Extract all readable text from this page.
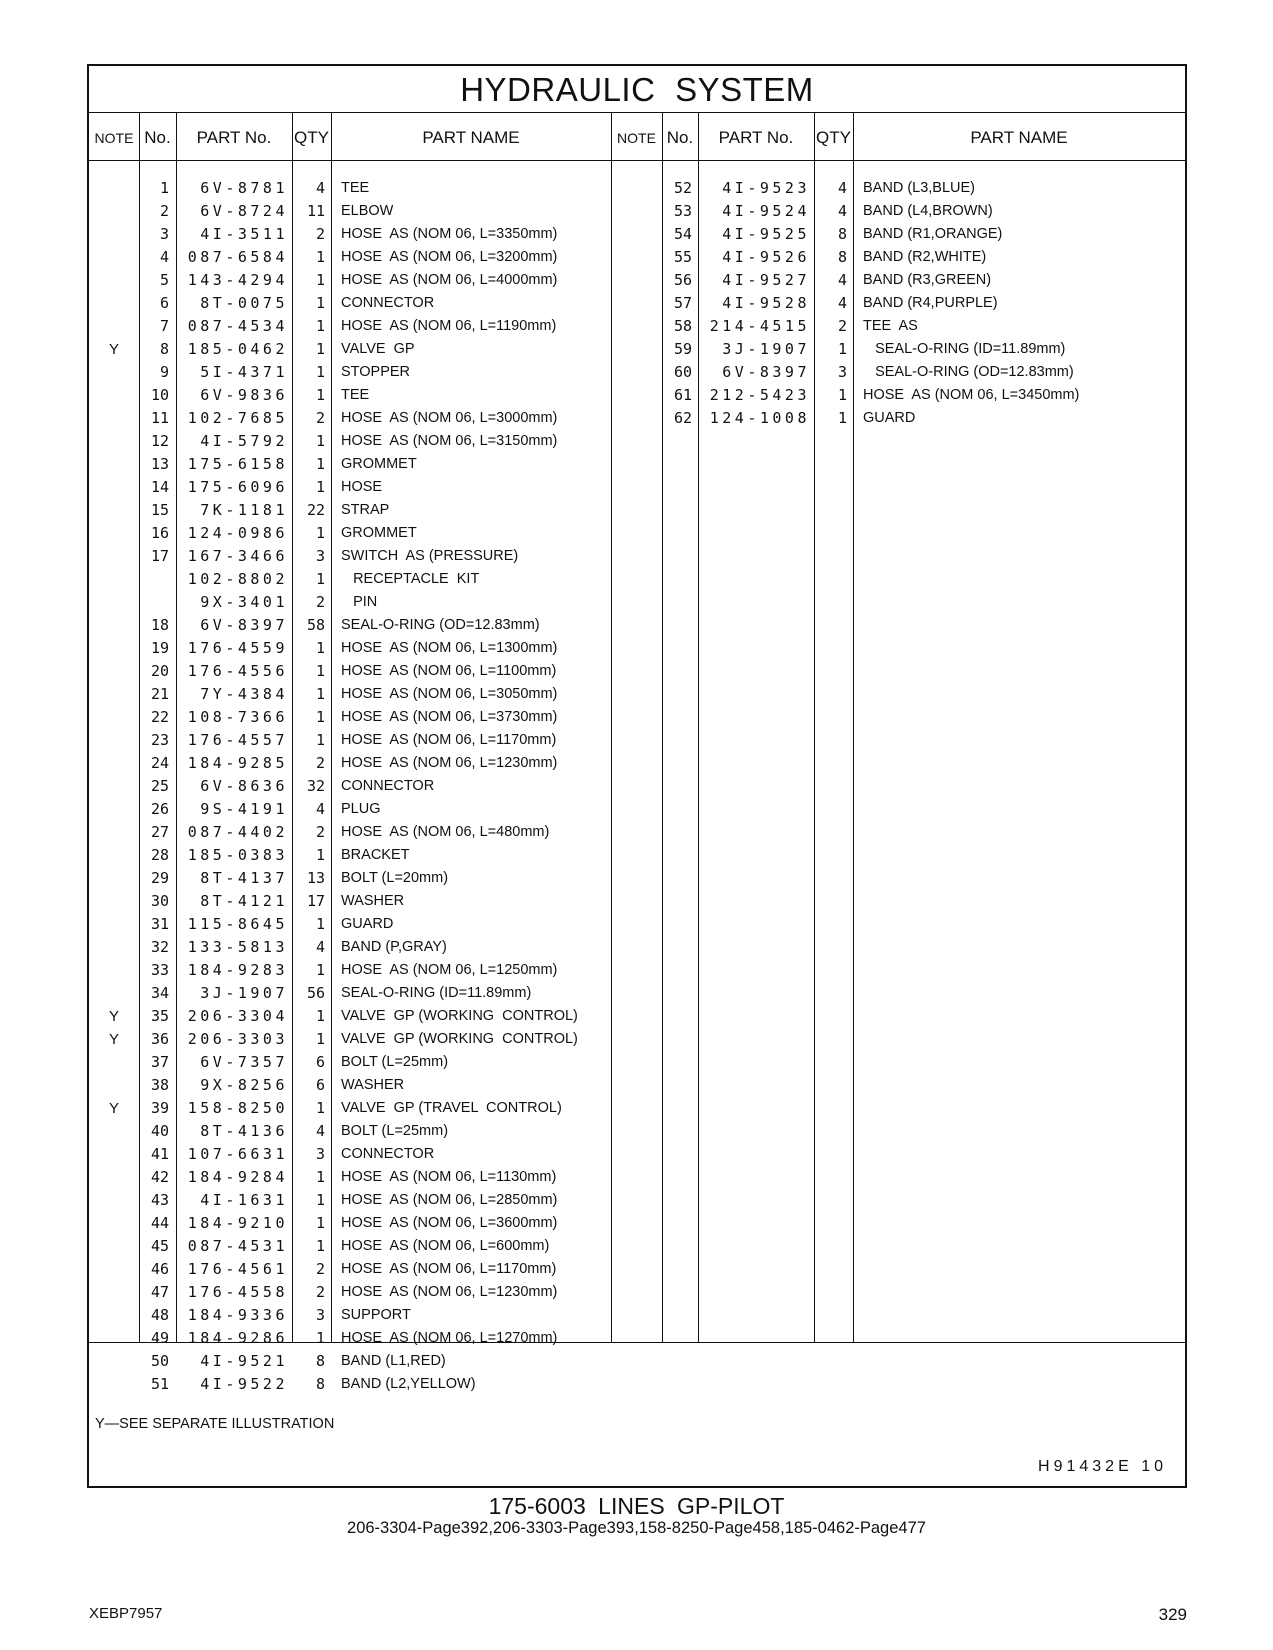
HYDRAULIC SYSTEM
NOTE No.	PART No.	QTY	PART NAME	NOTE No.	PART No.	QTY	PART NAME
1	6V-8781	4 TEE
2	6V-8724	11 ELBOW
3	4I-3511	2 HOSE  AS (NOM 06, L=3350mm)
4	087-6584	1 HOSE  AS (NOM 06, L=3200mm)
5	143-4294	1 HOSE  AS (NOM 06, L=4000mm)
6	8T-0075	1 CONNECTOR
7	087-4534	1 HOSE  AS (NOM 06, L=1190mm)
Y	8	185-0462	1 VALVE  GP
9	5I-4371	1 STOPPER
10	6V-9836	1 TEE
11	102-7685	2 HOSE  AS (NOM 06, L=3000mm)
12	4I-5792	1 HOSE  AS (NOM 06, L=3150mm)
13	175-6158	1 GROMMET
14	175-6096	1 HOSE
15	7K-1181	22 STRAP
16	124-0986	1 GROMMET
17	167-3466	3 SWITCH  AS (PRESSURE)
102-8802	1 RECEPTACLE  KIT
9X-3401	2 PIN
18	6V-8397	58 SEAL-O-RING (OD=12.83mm)
19	176-4559	1 HOSE  AS (NOM 06, L=1300mm)
20	176-4556	1 HOSE  AS (NOM 06, L=1100mm)
21	7Y-4384	1 HOSE  AS (NOM 06, L=3050mm)
22	108-7366	1 HOSE  AS (NOM 06, L=3730mm)
23	176-4557	1 HOSE  AS (NOM 06, L=1170mm)
24	184-9285	2 HOSE  AS (NOM 06, L=1230mm)
25	6V-8636	32 CONNECTOR
26	9S-4191	4 PLUG
27	087-4402	2 HOSE  AS (NOM 06, L=480mm)
28	185-0383	1 BRACKET
29	8T-4137	13 BOLT (L=20mm)
30	8T-4121	17 WASHER
31	115-8645	1 GUARD
32	133-5813	4 BAND (P,GRAY)
33	184-9283	1 HOSE  AS (NOM 06, L=1250mm)
34	3J-1907	56 SEAL-O-RING (ID=11.89mm)
Y	35	206-3304	1 VALVE  GP (WORKING  CONTROL)
Y	36	206-3303	1 VALVE  GP (WORKING  CONTROL)
37	6V-7357	6 BOLT (L=25mm)
38	9X-8256	6 WASHER
Y	39	158-8250	1 VALVE  GP (TRAVEL  CONTROL)
40	8T-4136	4 BOLT (L=25mm)
41	107-6631	3 CONNECTOR
42	184-9284	1 HOSE  AS (NOM 06, L=1130mm)
43	4I-1631	1 HOSE  AS (NOM 06, L=2850mm)
44	184-9210	1 HOSE  AS (NOM 06, L=3600mm)
45	087-4531	1 HOSE  AS (NOM 06, L=600mm)
46	176-4561	2 HOSE  AS (NOM 06, L=1170mm)
47	176-4558	2 HOSE  AS (NOM 06, L=1230mm)
48	184-9336	3 SUPPORT
49	184-9286	1 HOSE  AS (NOM 06, L=1270mm)
50	4I-9521	8 BAND (L1,RED)
51	4I-9522	8 BAND (L2,YELLOW)
52	4I-9523	4 BAND (L3,BLUE)
53	4I-9524	4 BAND (L4,BROWN)
54	4I-9525	8 BAND (R1,ORANGE)
55	4I-9526	8 BAND (R2,WHITE)
56	4I-9527	4 BAND (R3,GREEN)
57	4I-9528	4 BAND (R4,PURPLE)
58	214-4515	2 TEE  AS
59	3J-1907	1 SEAL-O-RING (ID=11.89mm)
60	6V-8397	3 SEAL-O-RING (OD=12.83mm)
61	212-5423	1 HOSE  AS (NOM 06, L=3450mm)
62	124-1008	1 GUARD
Y—SEE SEPARATE ILLUSTRATION
H91432E 10
175-6003 LINES GP-PILOT
206-3304-Page392,206-3303-Page393,158-8250-Page458,185-0462-Page477
XEBP7957	329
